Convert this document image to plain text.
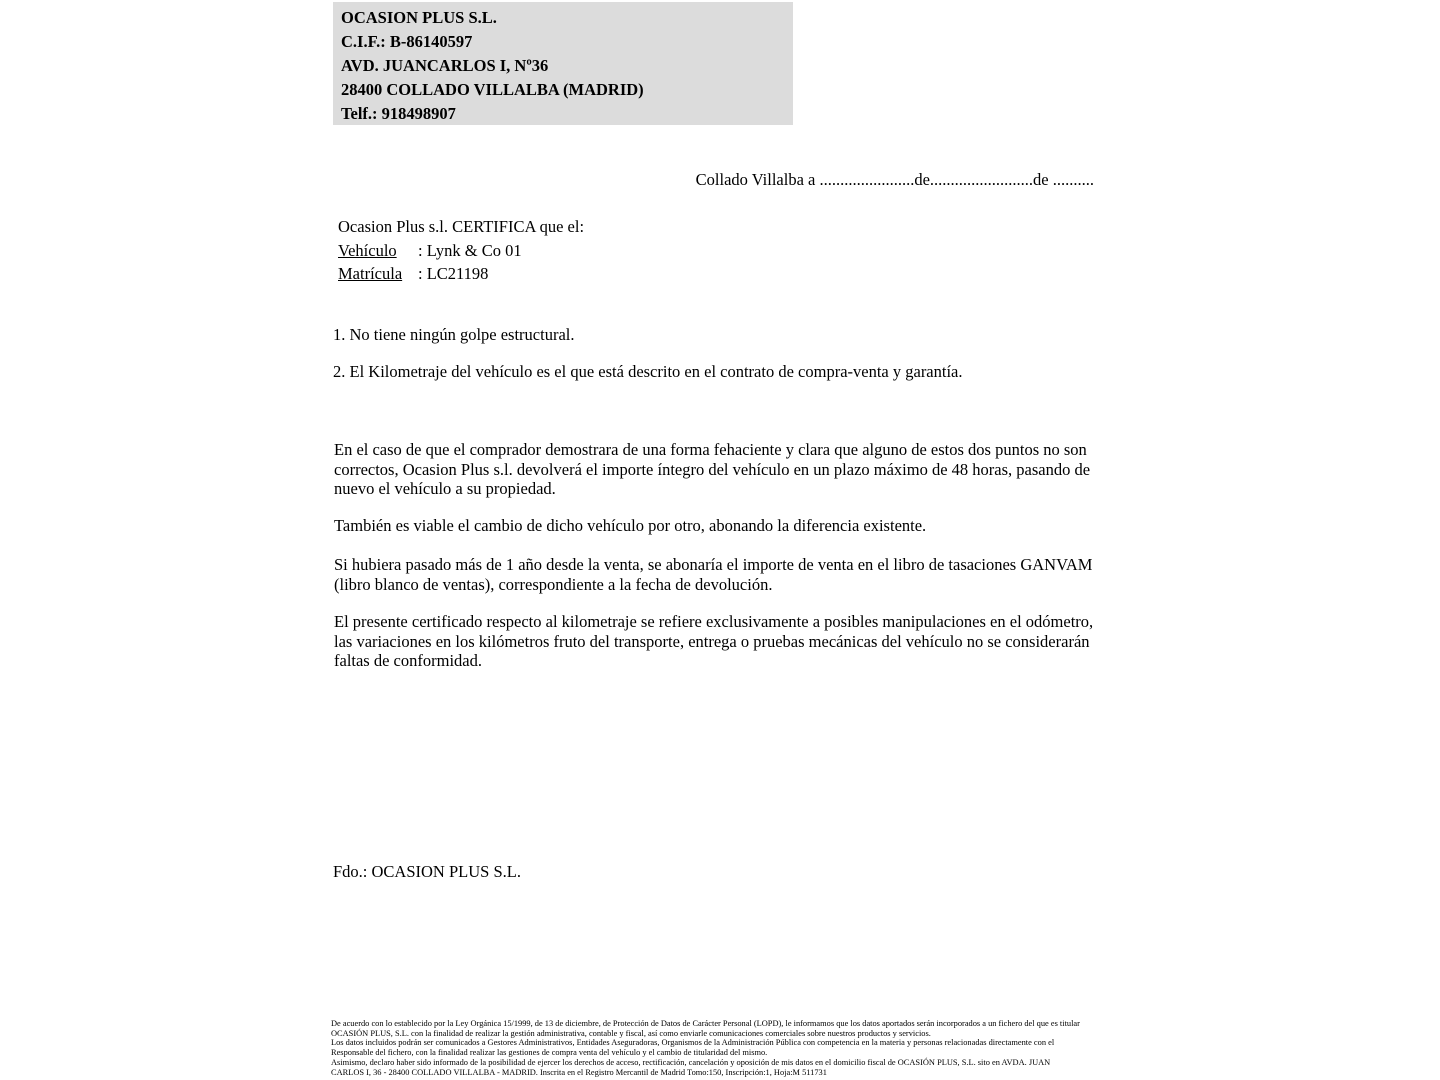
OCASION PLUS S.L.
C.I.F.: B-86140597
AVD. JUANCARLOS I, Nº36
28400 COLLADO VILLALBA (MADRID)
Telf.: 918498907
Collado Villalba a .......................de.........................de ..........
Ocasion Plus s.l. CERTIFICA que el:
Vehículo : Lynk & Co 01
Matrícula : LC21198
1. No tiene ningún golpe estructural.
2. El Kilometraje del vehículo es el que está descrito en el contrato de compra-venta y garantía.
En el caso de que el comprador demostrara de una forma fehaciente y clara que alguno de estos dos puntos no son correctos, Ocasion Plus s.l. devolverá el importe íntegro del vehículo en un plazo máximo de 48 horas, pasando de nuevo el vehículo a su propiedad.
También es viable el cambio de dicho vehículo por otro, abonando la diferencia existente.
Si hubiera pasado más de 1 año desde la venta, se abonaría el importe de venta en el libro de tasaciones GANVAM (libro blanco de ventas), correspondiente a la fecha de devolución.
El presente certificado respecto al kilometraje se refiere exclusivamente a posibles manipulaciones en el odómetro, las variaciones en los kilómetros fruto del transporte, entrega o pruebas mecánicas del vehículo no se considerarán faltas de conformidad.
Fdo.: OCASION PLUS S.L.
De acuerdo con lo establecido por la Ley Orgánica 15/1999, de 13 de diciembre, de Protección de Datos de Carácter Personal (LOPD), le informamos que los datos aportados serán incorporados a un fichero del que es titular
OCASIÓN PLUS, S.L. con la finalidad de realizar la gestión administrativa, contable y fiscal, así como enviarle comunicaciones comerciales sobre nuestros productos y servicios.
Los datos incluidos podrán ser comunicados a Gestores Administrativos, Entidades Aseguradoras, Organismos de la Administración Pública con competencia en la materia y personas relacionadas directamente con el
Responsable del fichero, con la finalidad realizar las gestiones de compra venta del vehículo y el cambio de titularidad del mismo.
Asimismo, declaro haber sido informado de la posibilidad de ejercer los derechos de acceso, rectificación, cancelación y oposición de mis datos en el domicilio fiscal de OCASIÓN PLUS, S.L. sito en AVDA. JUAN
CARLOS I, 36 - 28400 COLLADO VILLALBA - MADRID. Inscrita en el Registro Mercantil de Madrid Tomo:150, Inscripción:1, Hoja:M 511731
